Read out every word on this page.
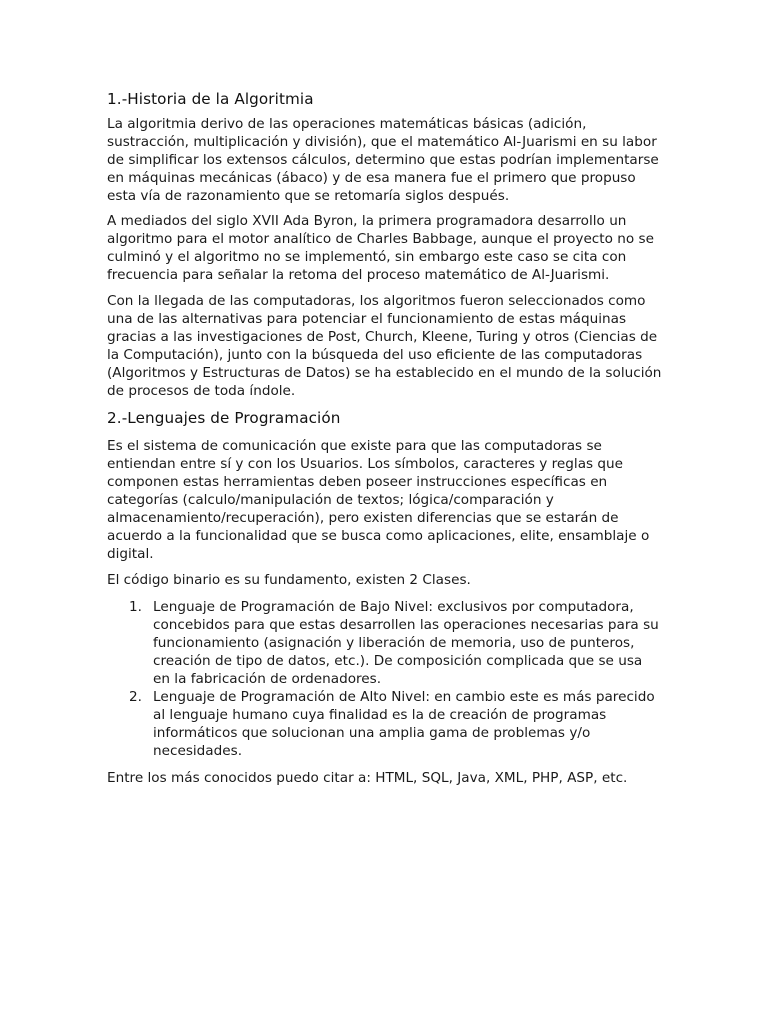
1.-Historia de la Algoritmia

La algoritmia derivo de las operaciones matemáticas básicas (adición, sustracción, multiplicación y división), que el matemático Al-Juarismi en su labor de simplificar los extensos cálculos, determino que estas podrían implementarse en máquinas mecánicas (ábaco) y de esa manera fue el primero que propuso esta vía de razonamiento que se retomaría siglos después.

A mediados del siglo XVII Ada Byron, la primera programadora desarrollo un algoritmo para el motor analítico de Charles Babbage, aunque el proyecto no se culminó y el algoritmo no se implementó, sin embargo este caso se cita con frecuencia para señalar la retoma del proceso matemático de Al-Juarismi.

Con la llegada de las computadoras, los algoritmos fueron seleccionados como una de las alternativas para potenciar el funcionamiento de estas máquinas gracias a las investigaciones de Post, Church, Kleene, Turing y otros (Ciencias de la Computación), junto con la búsqueda del uso eficiente de las computadoras (Algoritmos y Estructuras de Datos) se ha establecido en el mundo de la solución de procesos de toda índole.

2.-Lenguajes de Programación

Es el sistema de comunicación que existe para que las computadoras se entiendan entre sí y con los Usuarios. Los símbolos, caracteres y reglas que componen estas herramientas deben poseer instrucciones específicas en categorías (calculo/manipulación de textos; lógica/comparación y almacenamiento/recuperación), pero existen diferencias que se estarán de acuerdo a la funcionalidad que se busca como aplicaciones, elite, ensamblaje o digital.

El código binario es su fundamento, existen 2 Clases.

1. Lenguaje de Programación de Bajo Nivel: exclusivos por computadora, concebidos para que estas desarrollen las operaciones necesarias para su funcionamiento (asignación y liberación de memoria, uso de punteros, creación de tipo de datos, etc.). De composición complicada que se usa en la fabricación de ordenadores.
2. Lenguaje de Programación de Alto Nivel: en cambio este es más parecido al lenguaje humano cuya finalidad es la de creación de programas informáticos que solucionan una amplia gama de problemas y/o necesidades.

Entre los más conocidos puedo citar a: HTML, SQL, Java, XML, PHP, ASP, etc.
